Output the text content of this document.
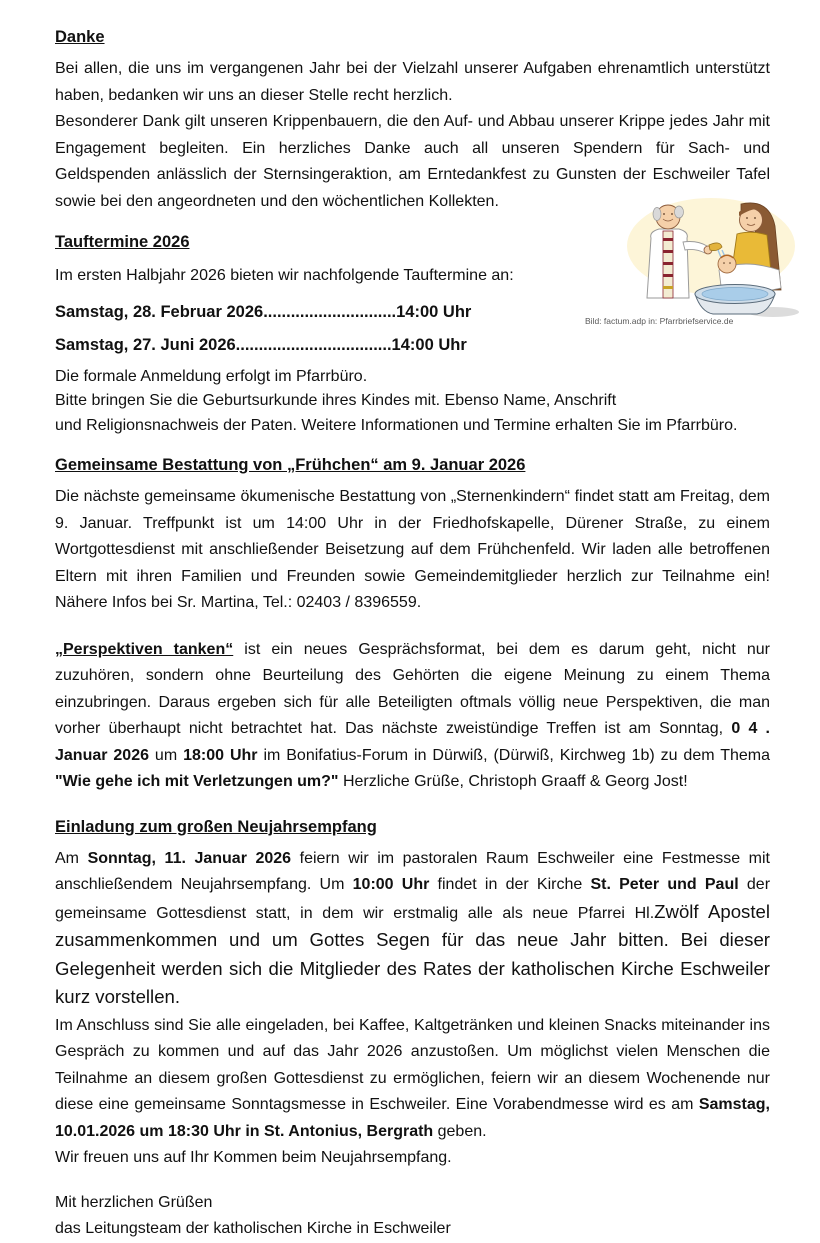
Danke

Bei allen, die uns im vergangenen Jahr bei der Vielzahl unserer Aufgaben ehrenamtlich unterstützt haben, bedanken wir uns an dieser Stelle recht herzlich.

Besonderer Dank gilt unseren Krippenbauern, die den Auf- und Abbau unserer Krippe jedes Jahr mit Engagement begleiten. Ein herzliches Danke auch all unseren Spendern für Sach- und Geldspenden anlässlich der Sternsingeraktion, am Erntedankfest zu Gunsten der Eschweiler Tafel sowie bei den angeordneten und den wöchentlichen Kollekten.

Tauftermine 2026

Im ersten Halbjahr 2026 bieten wir nachfolgende Tauftermine an:

Samstag, 28. Februar 2026.............................14:00 Uhr

Samstag, 27. Juni 2026..................................14:00 Uhr

Die formale Anmeldung erfolgt im Pfarrbüro.
Bitte bringen Sie die Geburtsurkunde ihres Kindes mit. Ebenso Name, Anschrift
und Religionsnachweis der Paten. Weitere Informationen und Termine erhalten Sie im Pfarrbüro.
Bild: factum.adp in: Pfarrbriefservice.de
Gemeinsame Bestattung von „Frühchen“ am 9. Januar 2026

Die nächste gemeinsame ökumenische Bestattung von „Sternenkindern“ findet statt am Freitag, dem 9. Januar. Treffpunkt ist um 14:00 Uhr in der Friedhofskapelle, Dürener Straße, zu einem Wortgottesdienst mit anschließender Beisetzung auf dem Frühchenfeld. Wir laden alle betroffenen Eltern mit ihren Familien und Freunden sowie Gemeindemitglieder herzlich zur Teilnahme ein! Nähere Infos bei Sr. Martina, Tel.: 02403 / 8396559.

„Perspektiven tanken“ ist ein neues Gesprächsformat, bei dem es darum geht, nicht nur zuzuhören, sondern ohne Beurteilung des Gehörten die eigene Meinung zu einem Thema einzubringen. Daraus ergeben sich für alle Beteiligten oftmals völlig neue Perspektiven, die man vorher überhaupt nicht betrachtet hat. Das nächste zweistündige Treffen ist am Sonntag, 0 4 . Januar 2026 um 18:00 Uhr im Bonifatius-Forum in Dürwiß, (Dürwiß, Kirchweg 1b) zu dem Thema "Wie gehe ich mit Verletzungen um?" Herzliche Grüße, Christoph Graaff & Georg Jost!

Einladung zum großen Neujahrsempfang

Am Sonntag, 11. Januar 2026 feiern wir im pastoralen Raum Eschweiler eine Festmesse mit anschließendem Neujahrsempfang. Um 10:00 Uhr findet in der Kirche St. Peter und Paul der gemeinsame Gottesdienst statt, in dem wir erstmalig alle als neue Pfarrei Hl.Zwölf Apostel zusammenkommen und um Gottes Segen für das neue Jahr bitten. Bei dieser Gelegenheit werden sich die Mitglieder des Rates der katholischen Kirche Eschweiler kurz vorstellen.

Im Anschluss sind Sie alle eingeladen, bei Kaffee, Kaltgetränken und kleinen Snacks miteinander ins Gespräch zu kommen und auf das Jahr 2026 anzustoßen. Um möglichst vielen Menschen die Teilnahme an diesem großen Gottesdienst zu ermöglichen, feiern wir an diesem Wochenende nur diese eine gemeinsame Sonntagsmesse in Eschweiler. Eine Vorabendmesse wird es am Samstag, 10.01.2026 um 18:30 Uhr in St. Antonius, Bergrath geben.

Wir freuen uns auf Ihr Kommen beim Neujahrsempfang.

Mit herzlichen Grüßen
das Leitungsteam der katholischen Kirche in Eschweiler
